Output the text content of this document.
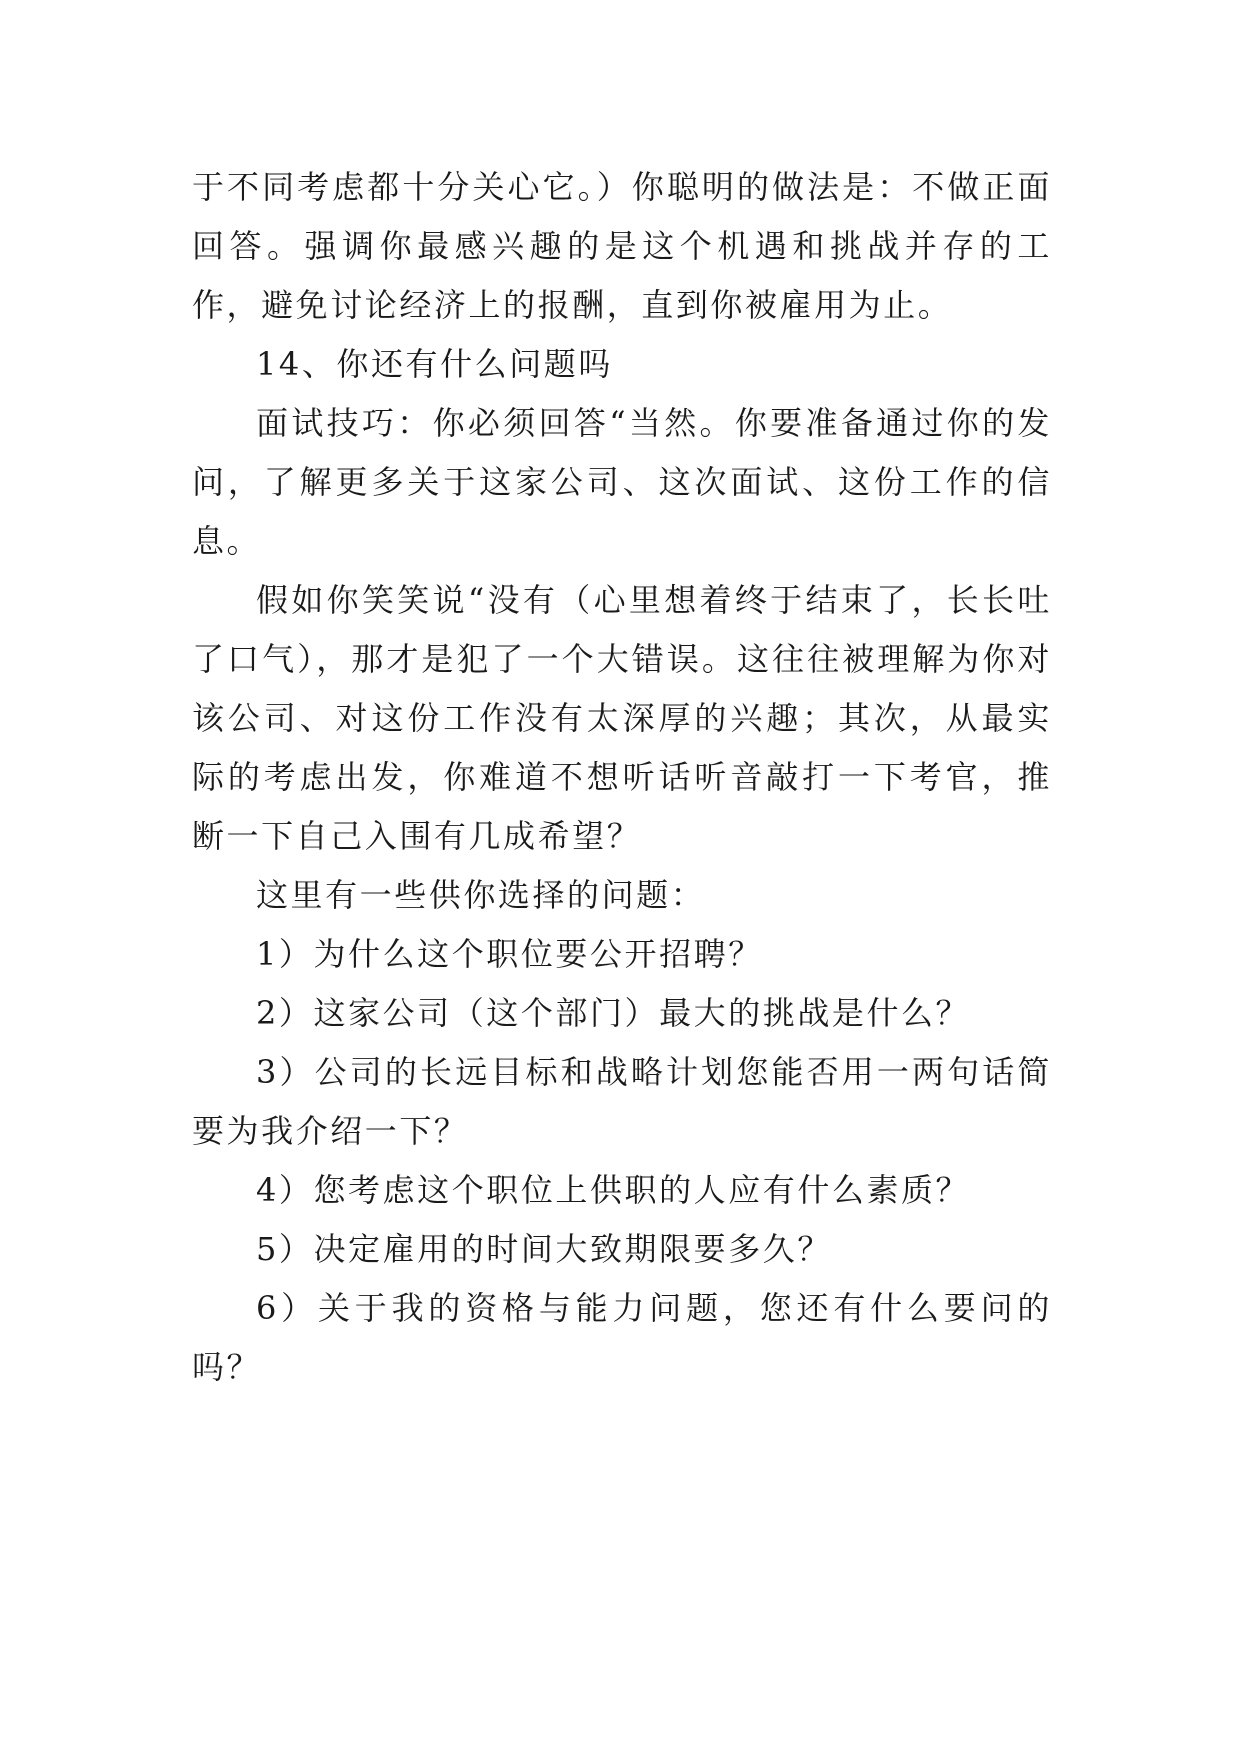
于不同考虑都十分关心它。）你聪明的做法是：不做正面回答。强调你最感兴趣的是这个机遇和挑战并存的工作，避免讨论经济上的报酬，直到你被雇用为止。

14、你还有什么问题吗

面试技巧：你必须回答“当然。你要准备通过你的发问，了解更多关于这家公司、这次面试、这份工作的信息。

假如你笑笑说“没有（心里想着终于结束了，长长吐了口气），那才是犯了一个大错误。这往往被理解为你对该公司、对这份工作没有太深厚的兴趣；其次，从最实际的考虑出发，你难道不想听话听音敲打一下考官，推断一下自己入围有几成希望？

这里有一些供你选择的问题：

1）为什么这个职位要公开招聘？

2）这家公司（这个部门）最大的挑战是什么？

3）公司的长远目标和战略计划您能否用一两句话简要为我介绍一下？

4）您考虑这个职位上供职的人应有什么素质？

5）决定雇用的时间大致期限要多久？

6）关于我的资格与能力问题，您还有什么要问的吗？
